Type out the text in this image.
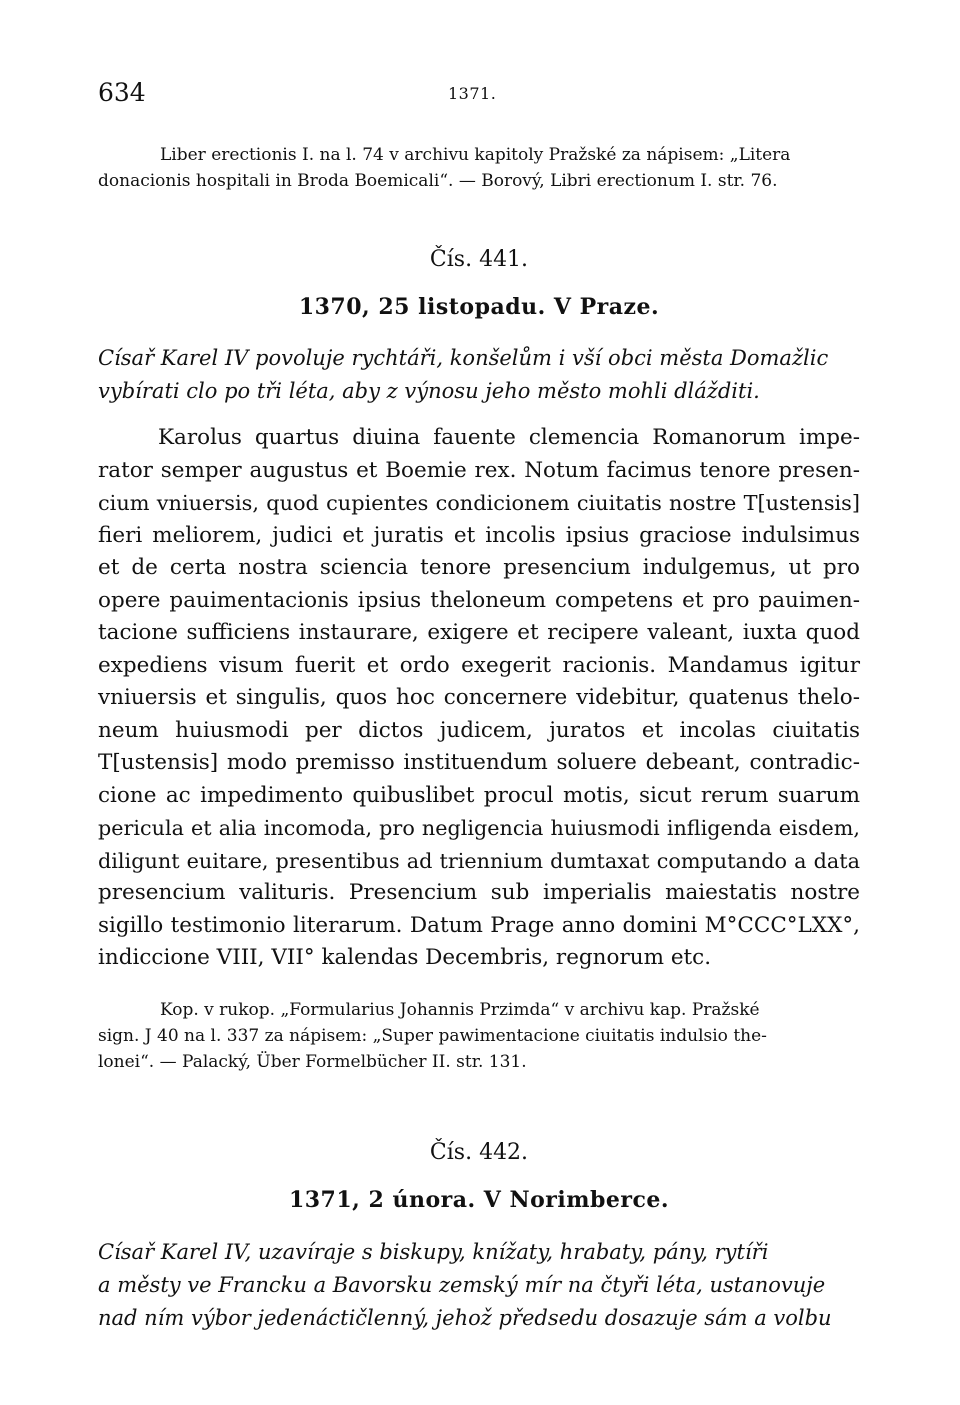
634	1371.
Liber erectionis I. na l. 74 v archivu kapitoly Pražské za nápisem: „Litera
donacionis hospitali in Broda Boemicali“. — Borový, Libri erectionum I. str. 76.
Čís. 441.
1370, 25 listopadu. V Praze.
Císař Karel IV povoluje rychtáři, konšelům i vší obci města Domažlic
vybírati clo po tři léta, aby z výnosu jeho město mohli dlážditi.
Karolus quartus diuina fauente clemencia Romanorum impe-
rator semper augustus et Boemie rex. Notum facimus tenore presen-
cium vniuersis, quod cupientes condicionem ciuitatis nostre T[ustensis]
fieri meliorem, judici et juratis et incolis ipsius graciose indulsimus
et de certa nostra sciencia tenore presencium indulgemus, ut pro
opere pauimentacionis ipsius theloneum competens et pro pauimen-
tacione sufficiens instaurare, exigere et recipere valeant, iuxta quod
expediens visum fuerit et ordo exegerit racionis. Mandamus igitur
vniuersis et singulis, quos hoc concernere videbitur, quatenus thelo-
neum huiusmodi per dictos judicem, juratos et incolas ciuitatis
T[ustensis] modo premisso instituendum soluere debeant, contradic-
cione ac impedimento quibuslibet procul motis, sicut rerum suarum
pericula et alia incomoda, pro negligencia huiusmodi infligenda eisdem,
diligunt euitare, presentibus ad triennium dumtaxat computando a data
presencium valituris. Presencium sub imperialis maiestatis nostre
sigillo testimonio literarum. Datum Prage anno domini M°CCC°LXX°,
indiccione VIII, VII° kalendas Decembris, regnorum etc.
Kop. v rukop. „Formularius Johannis Przimda“ v archivu kap. Pražské
sign. J 40 na l. 337 za nápisem: „Super pawimentacione ciuitatis indulsio the-
lonei“. — Palacký, Über Formelbücher II. str. 131.
Čís. 442.
1371, 2 února. V Norimberce.
Císař Karel IV, uzavíraje s biskupy, knížaty, hrabaty, pány, rytíři
a městy ve Francku a Bavorsku zemský mír na čtyři léta, ustanovuje
nad ním výbor jedenáctičlenný, jehož předsedu dosazuje sám a volbu
